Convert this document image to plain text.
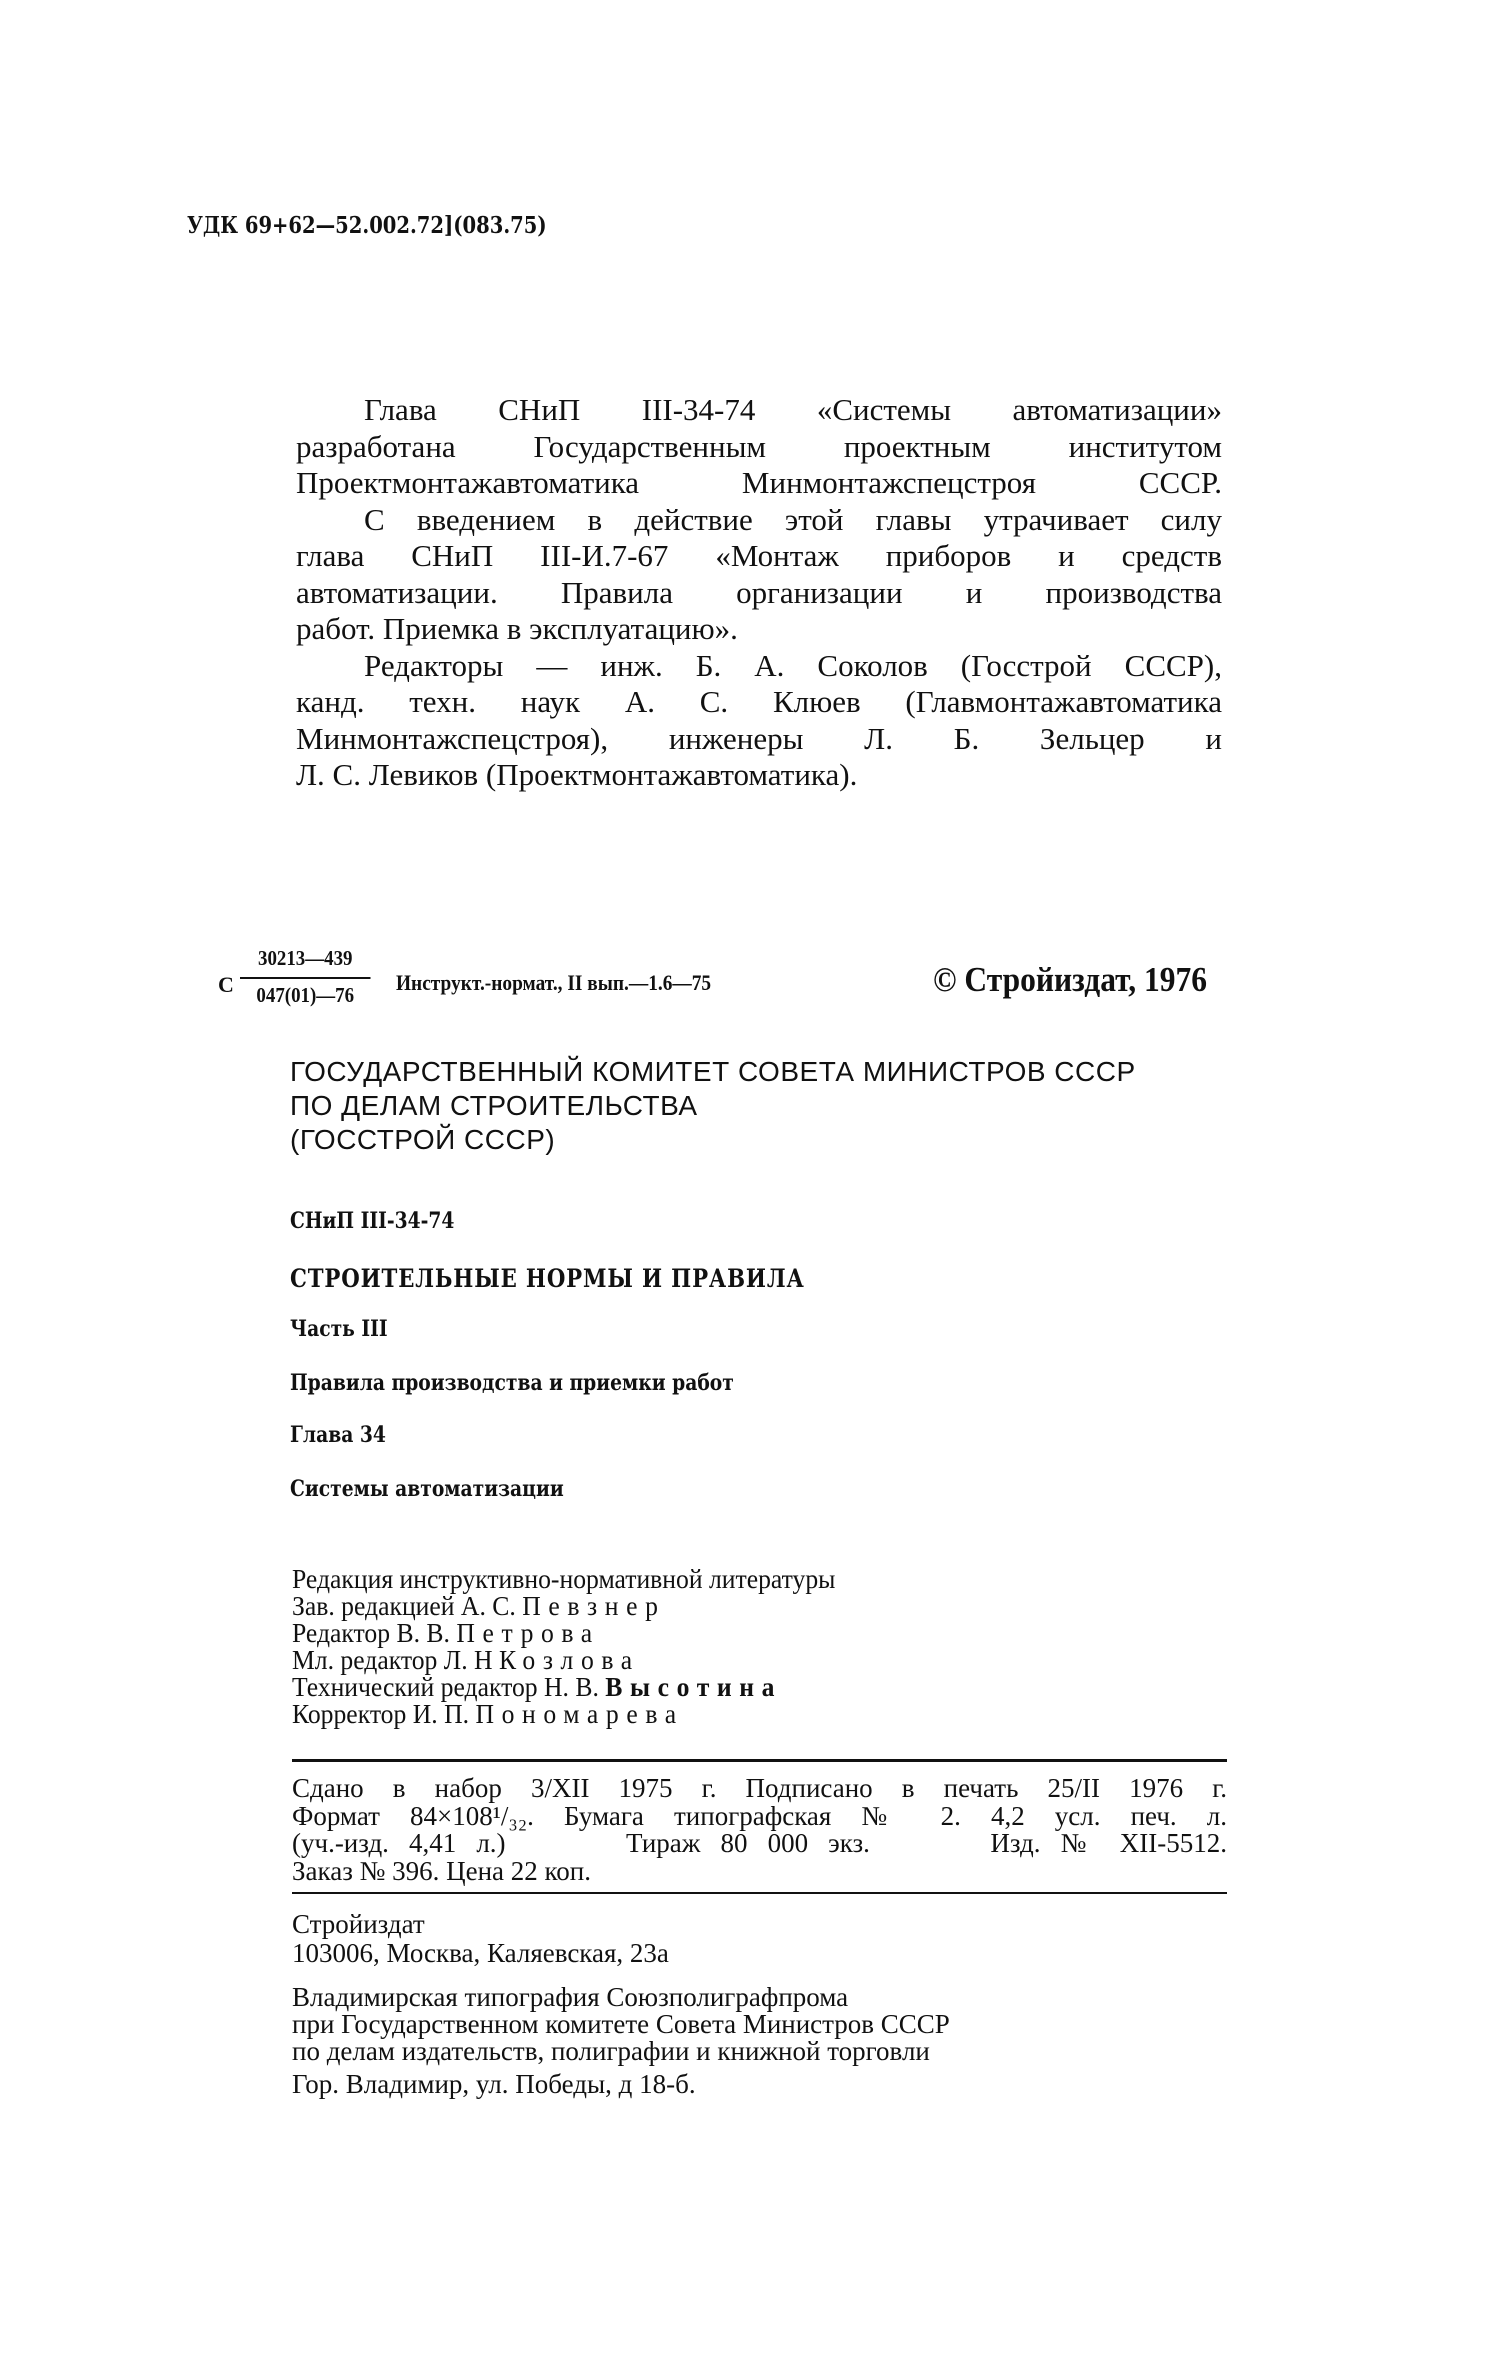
УДК 69+62—52.002.72](083.75)
Глава СНиП III-34-74 «Системы автоматизации»
разработана Государственным проектным институтом
Проектмонтажавтоматика Минмонтажспецстроя СССР.
С введением в действие этой главы утрачивает силу
глава СНиП III-И.7-67 «Монтаж приборов и средств
автоматизации. Правила организации и производства
работ. Приемка в эксплуатацию».
Редакторы — инж. Б. А. Соколов (Госстрой СССР),
канд. техн. наук А. С. Клюев (Главмонтажавтоматика
Минмонтажспецстроя), инженеры Л. Б. Зельцер и
Л. С. Левиков (Проектмонтажавтоматика).
С $\frac{30213—439}{047(01)—76}$ Инструкт.-нормат., II вып.—1.6—75	© Стройиздат, 1976
ГОСУДАРСТВЕННЫЙ КОМИТЕТ СОВЕТА МИНИСТРОВ СССР
ПО ДЕЛАМ СТРОИТЕЛЬСТВА
(ГОССТРОЙ СССР)
СНиП III-34-74
СТРОИТЕЛЬНЫЕ НОРМЫ И ПРАВИЛА
Часть III
Правила производства и приемки работ
Глава 34
Системы автоматизации
Редакция инструктивно-нормативной литературы
Зав. редакцией А. С. Певзнер
Редактор В. В. Петрова
Мл. редактор Л. Н Козлова
Технический редактор Н. В. Высотина
Корректор И. П. Пономарева
Сдано в набор 3/XII 1975 г. Подписано в печать 25/II 1976 г.
Формат 84×108¹/₃₂. Бумага типографская № 2. 4,2 усл. печ. л.
(уч.-изд. 4,41 л.)      Тираж 80 000 экз.      Изд. № XII-5512.
Заказ № 396. Цена 22 коп.
Стройиздат
103006, Москва, Каляевская, 23а
Владимирская типография Союзполиграфпрома
при Государственном комитете Совета Министров СССР
по делам издательств, полиграфии и книжной торговли
Гор. Владимир, ул. Победы, д 18-б.
